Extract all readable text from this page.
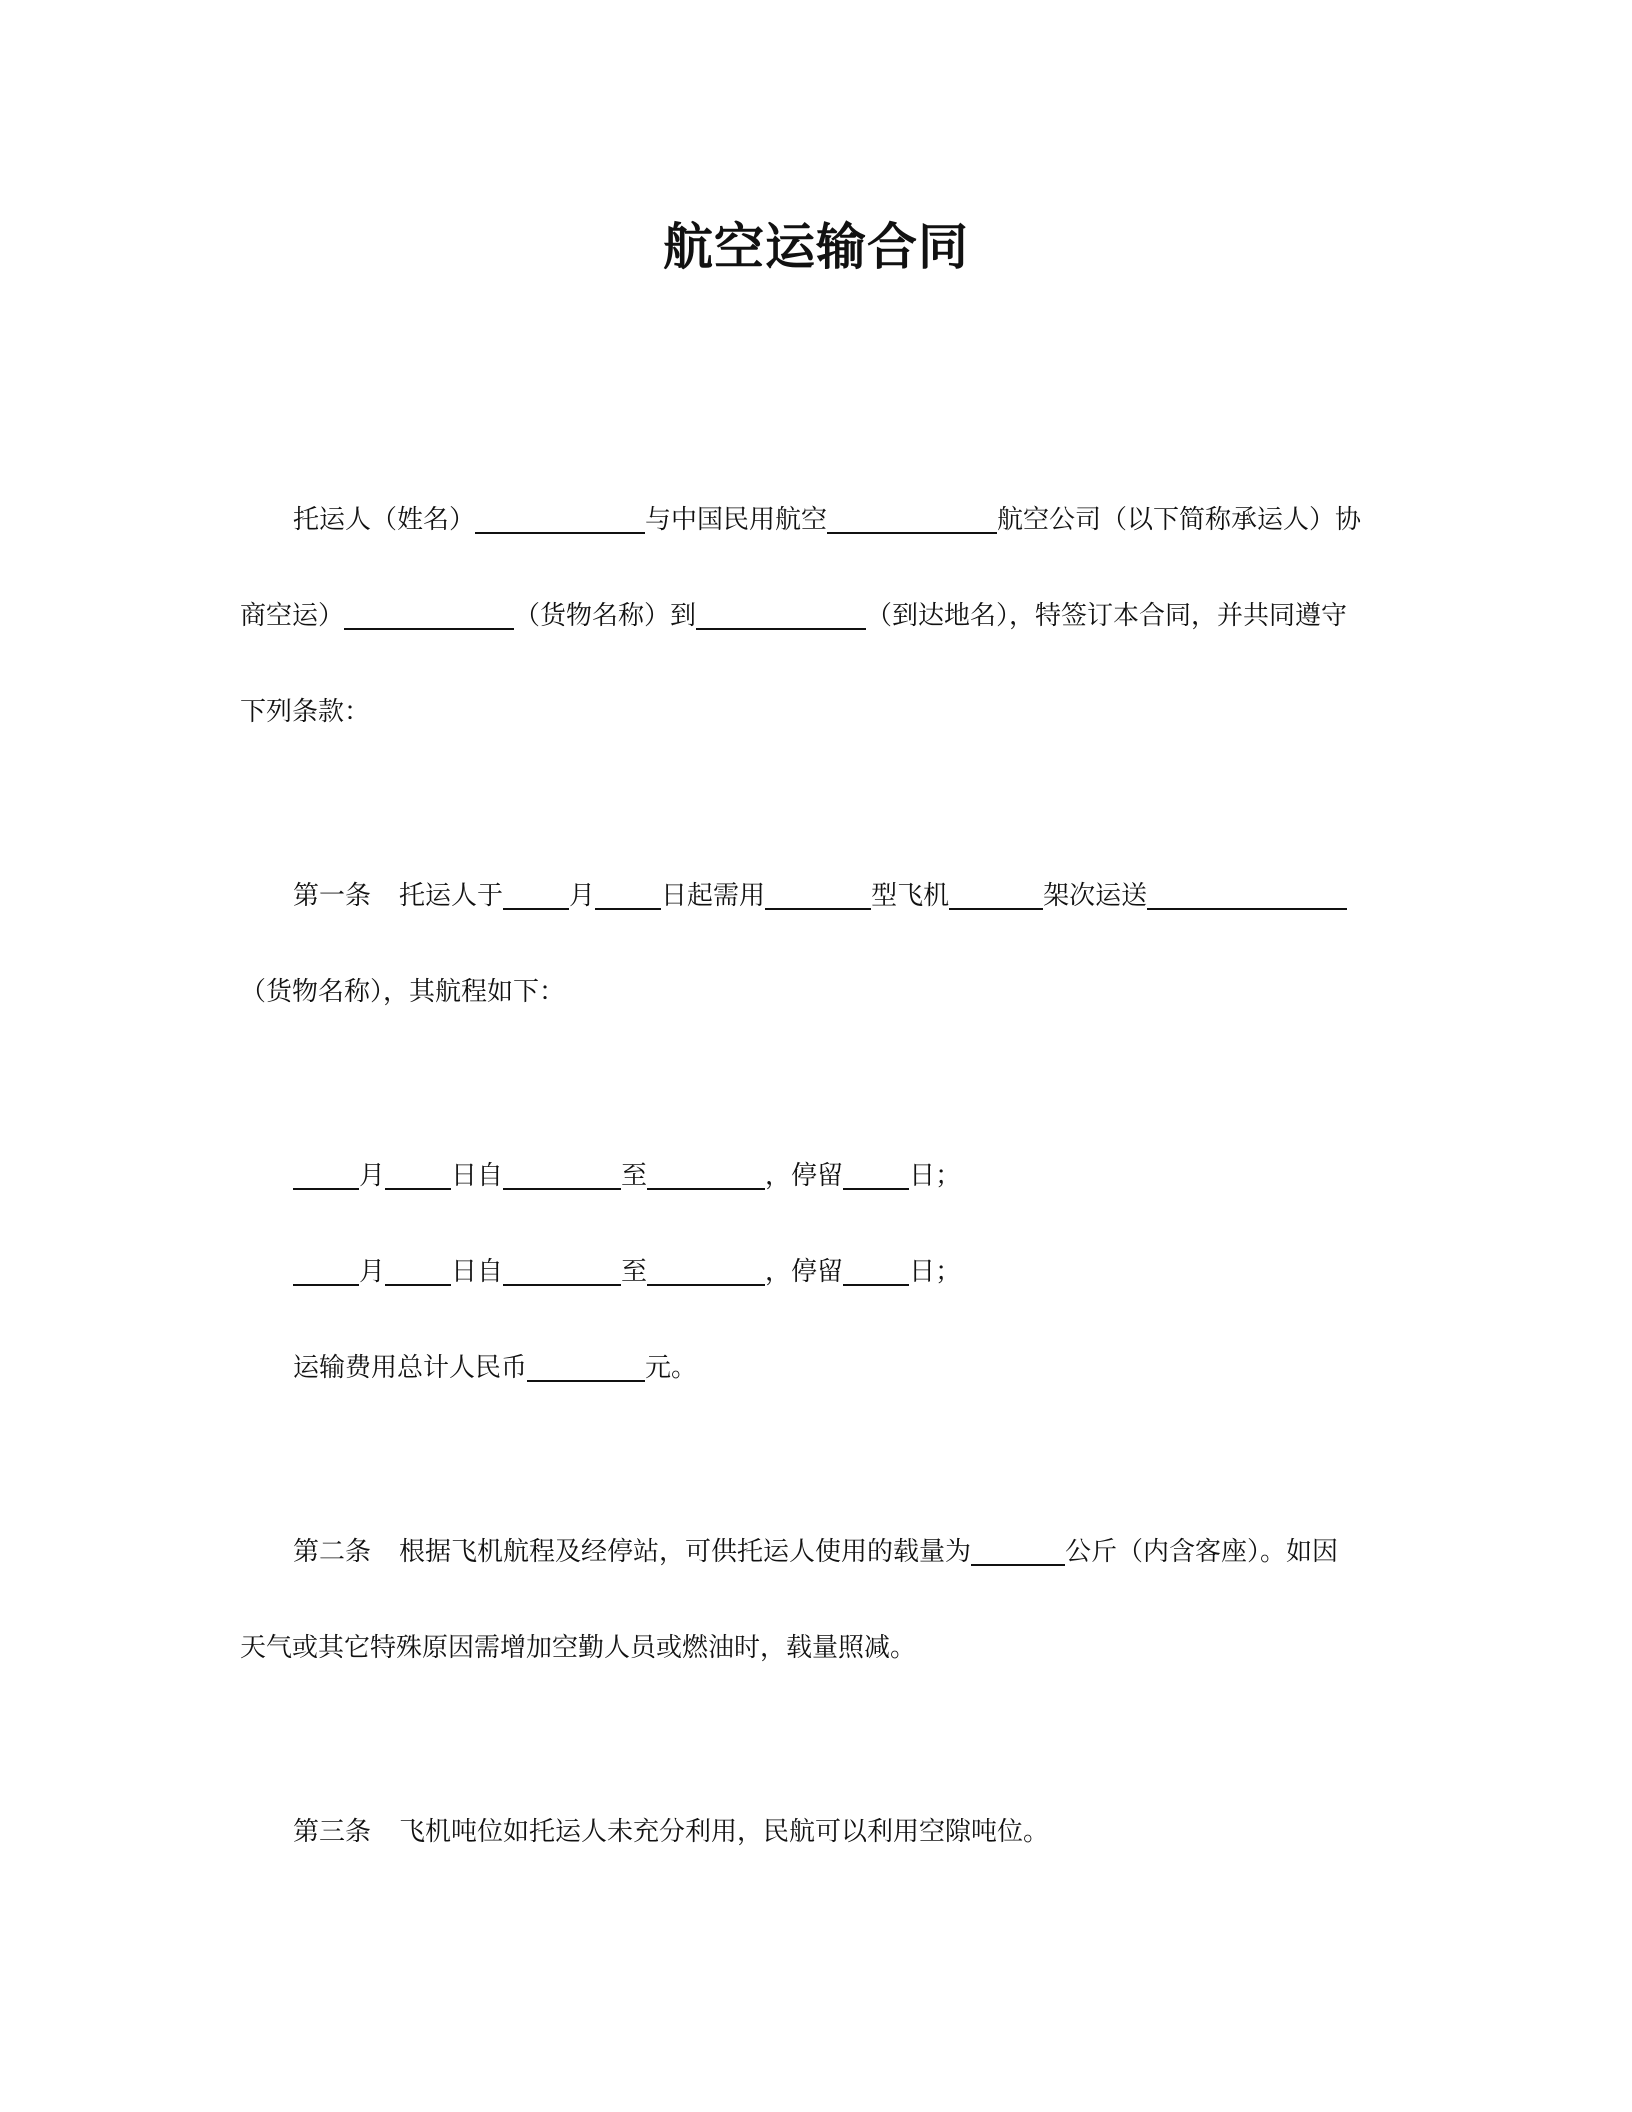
航空运输合同
托运人（姓名）	与中国民用航空	航空公司（以下简称承运人）协
商空运）	（货物名称）到	（到达地名），特签订本合同，并共同遵守
下列条款：
第一条 托运人于	月	日起需用	型飞机	架次运送
（货物名称），其航程如下：
月	日自	至	，停留	日；
月	日自	至	，停留	日；
运输费用总计人民币	元。
第二条 根据飞机航程及经停站，可供托运人使用的载量为	公斤（内含客座）。如因
天气或其它特殊原因需增加空勤人员或燃油时，载量照减。
第三条 飞机吨位如托运人未充分利用，民航可以利用空隙吨位。
